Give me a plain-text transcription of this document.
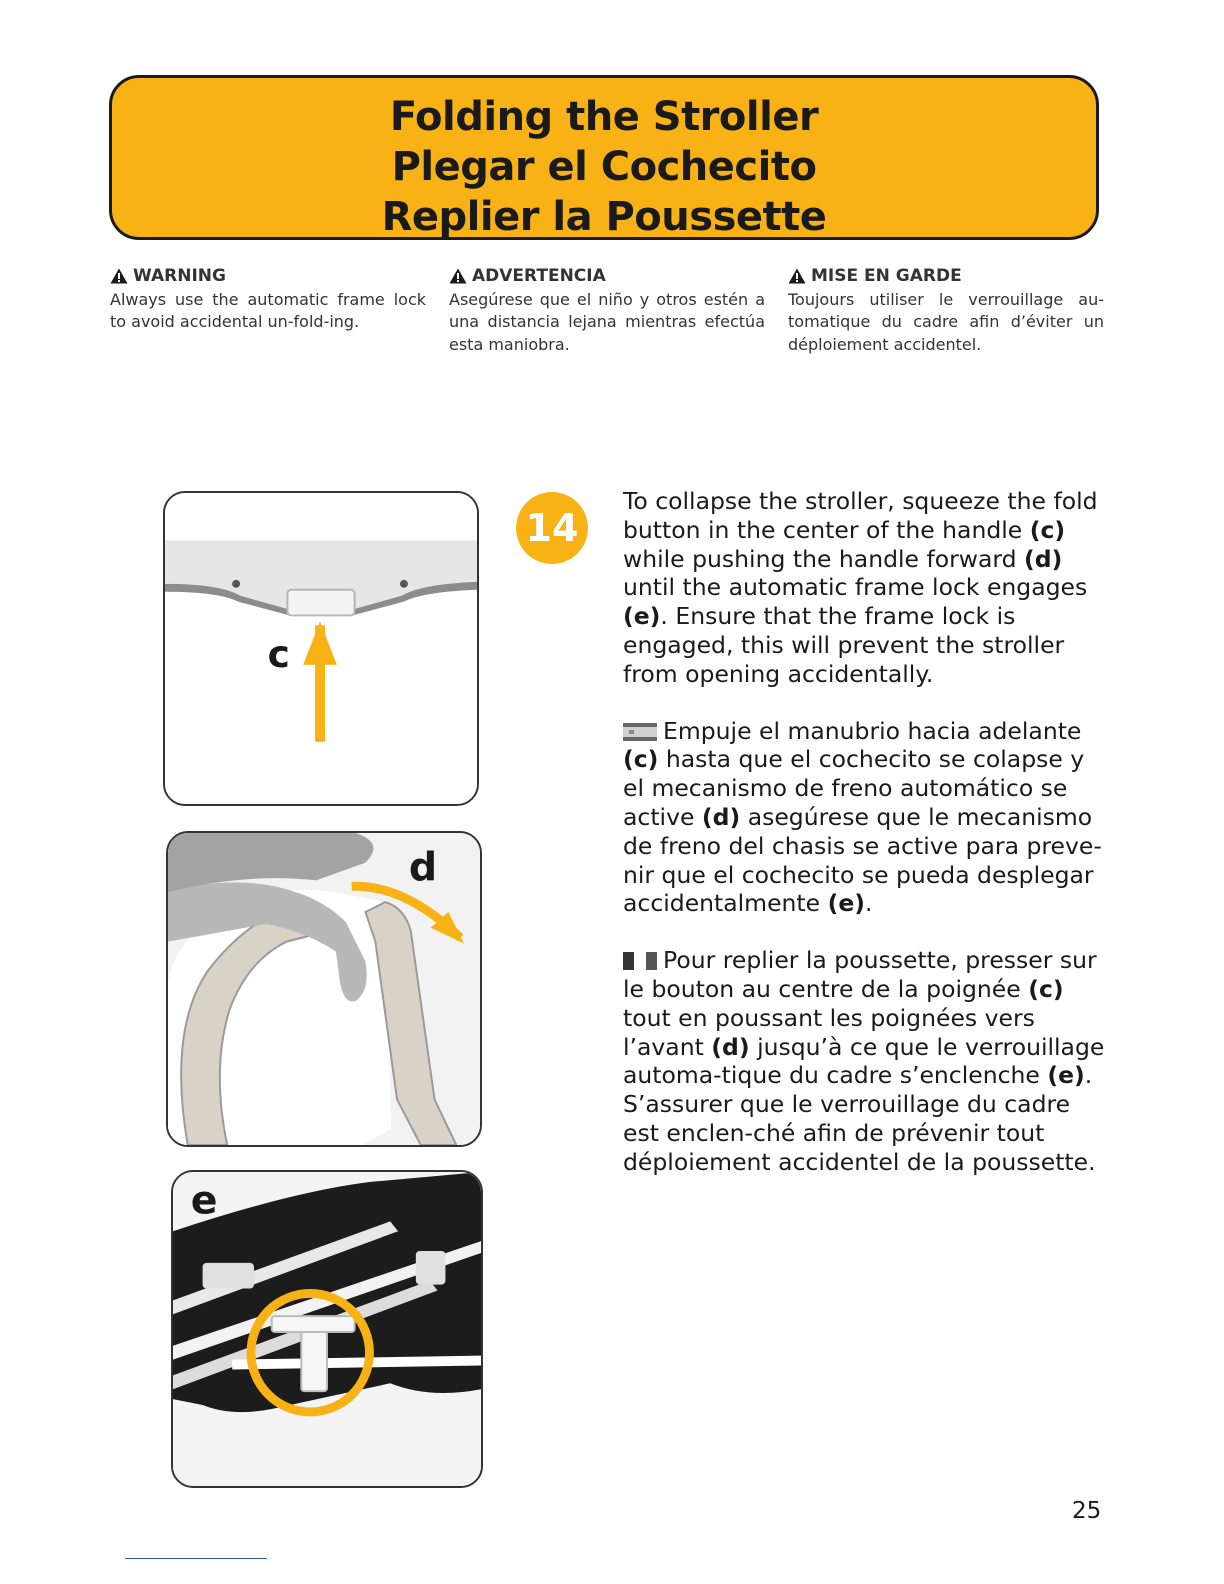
Folding the Stroller
Plegar el Cochecito
Replier la Poussette
WARNING
Always use the automatic frame lock to avoid accidental un-fold-ing.
ADVERTENCIA
Asegúrese que el niño y otros estén a una distancia lejana mientras efectúa esta maniobra.
MISE EN GARDE
Toujours utiliser le verrouillage au-tomatique du cadre afin d’éviter un déploiement accidentel.
c
d
e
14

To collapse the stroller, squeeze the fold button in the center of the handle (c) while pushing the handle forward (d) until the automatic frame lock engages (e). Ensure that the frame lock is engaged, this will prevent the stroller from opening accidentally.

Empuje el manubrio hacia adelante (c) hasta que el cochecito se colapse y el mecanismo de freno automático se active (d) asegúrese que le mecanismo de freno del chasis se active para preve-nir que el cochecito se pueda desplegar accidentalmente (e).

Pour replier la poussette, presser sur le bouton au centre de la poignée (c) tout en poussant les poignées vers l’avant (d) jusqu’à ce que le verrouillage automa-tique du cadre s’enclenche (e). S’assurer que le verrouillage du cadre est enclen-ché afin de prévenir tout déploiement accidentel de la poussette.

25
